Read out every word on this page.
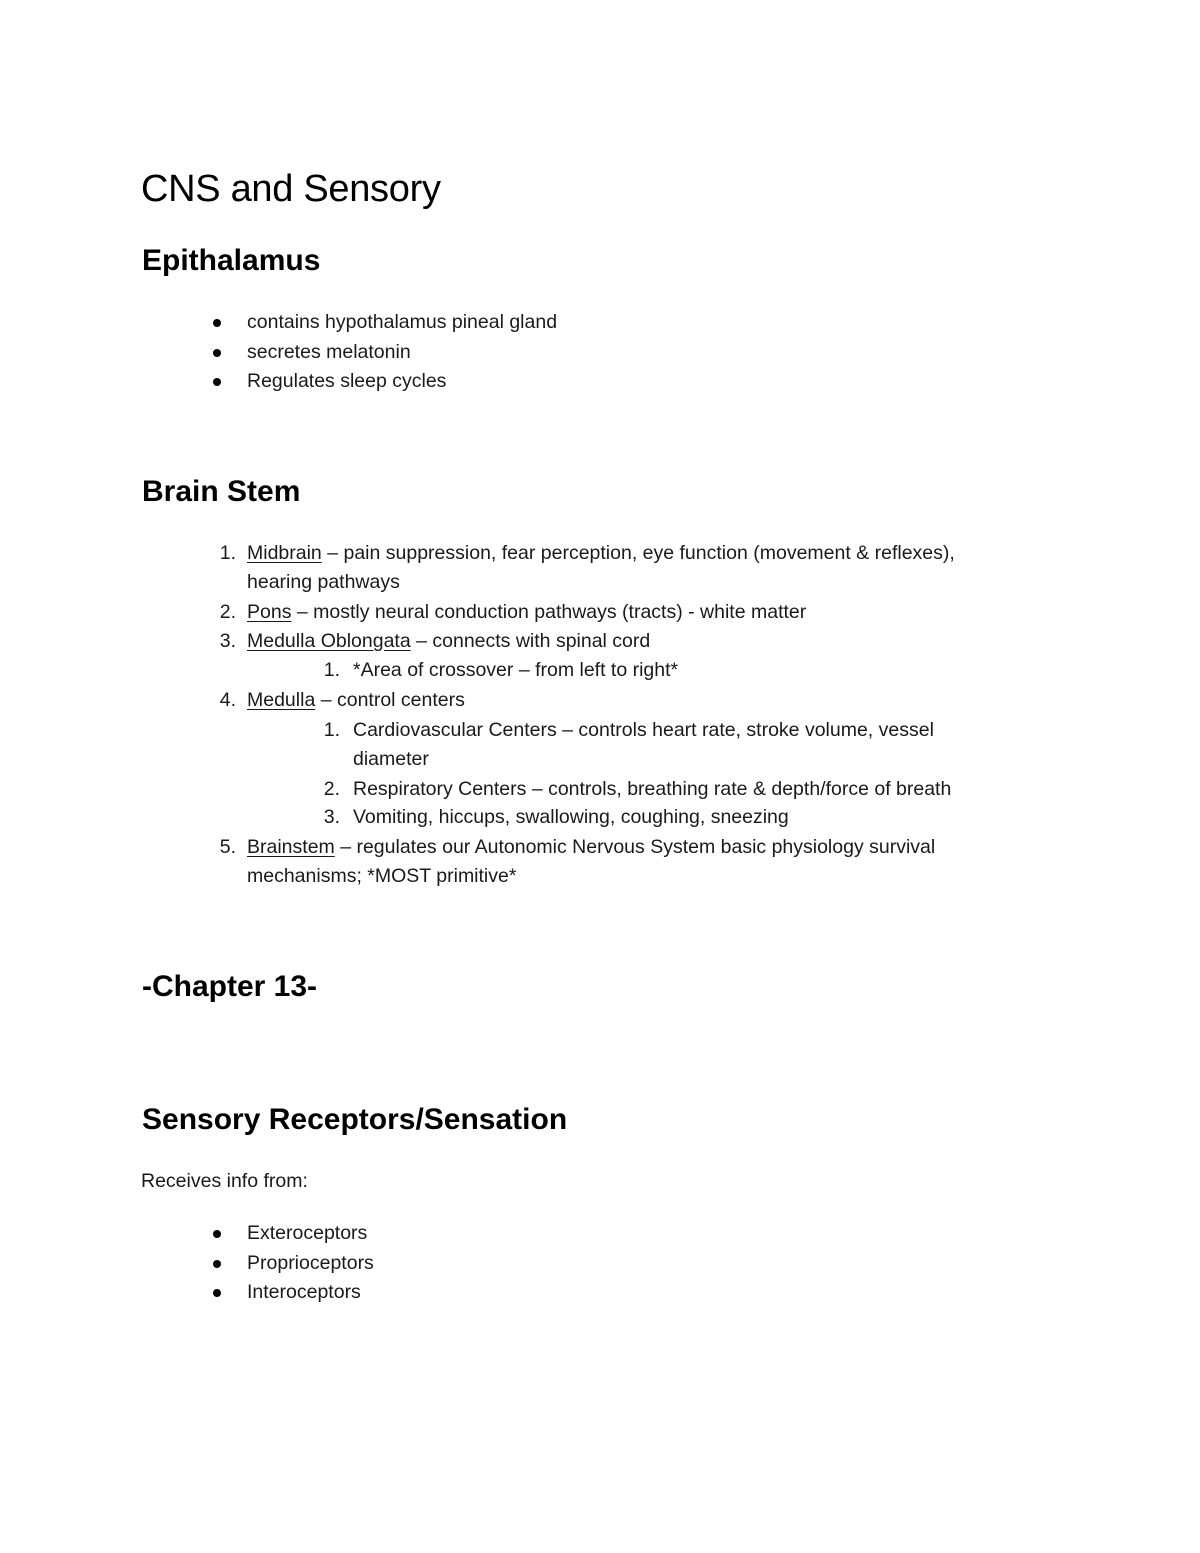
CNS and Sensory
Epithalamus
contains hypothalamus pineal gland
secretes melatonin
Regulates sleep cycles
Brain Stem
1. Midbrain – pain suppression, fear perception, eye function (movement & reflexes),
hearing pathways
2. Pons – mostly neural conduction pathways (tracts) - white matter
3. Medulla Oblongata – connects with spinal cord
1. *Area of crossover – from left to right*
4. Medulla – control centers
1. Cardiovascular Centers – controls heart rate, stroke volume, vessel
diameter
2. Respiratory Centers – controls, breathing rate & depth/force of breath
3. Vomiting, hiccups, swallowing, coughing, sneezing
5. Brainstem – regulates our Autonomic Nervous System basic physiology survival
mechanisms; *MOST primitive*
-Chapter 13-
Sensory Receptors/Sensation
Receives info from:
Exteroceptors
Proprioceptors
Interoceptors
